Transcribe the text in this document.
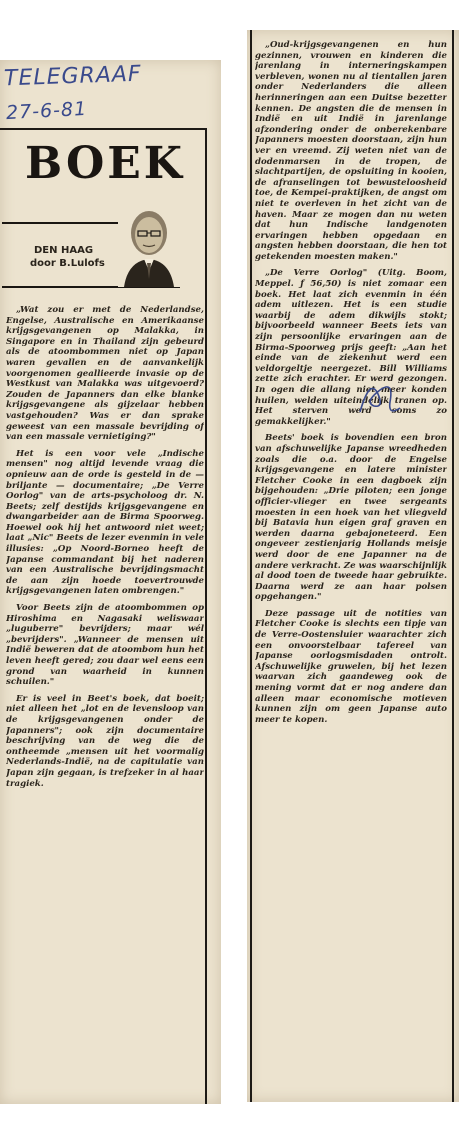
TELEGRAAF
27-6-81
BOEK
DEN HAAG
door B.Lulofs

„Wat zou er met de Nederlandse, Engelse, Australische en Amerikaanse krijgsgevangenen op Malakka, in Singapore en in Thailand zijn gebeurd als de atoombommen niet op Japan waren gevallen en de aanvankelijk voorgenomen geallieerde invasie op de Westkust van Malakka was uitgevoerd? Zouden de Japanners dan elke blanke krijgsgevangene als gijzelaar hebben vastgehouden? Was er dan sprake geweest van een massale bevrijding of van een massale vernietiging?"

Het is een voor vele „Indische mensen" nog altijd levende vraag die opnieuw aan de orde is gesteld in de — briljante — documentaire; „De Verre Oorlog" van de arts-psycholoog dr. N. Beets; zelf destijds krijgsgevangene en dwangarbeider aan de Birma Spoorweg. Hoewel ook hij het antwoord niet weet; laat „Nic" Beets de lezer evenmin in vele illusies: „Op Noord-Borneo heeft de Japanse commandant bij het naderen van een Australische bevrijdingsmacht de aan zijn hoede toevertrouwde krijgsgevangenen laten ombrengen."

Voor Beets zijn de atoombommen op Hiroshima en Nagasaki weliswaar „luguberre" bevrijders; maar wél „bevrijders". „Wanneer de mensen uit Indië beweren dat de atoombom hun het leven heeft gered; zou daar wel eens een grond van waarheid in kunnen schuilen."

Er is veel in Beet's boek, dat boeit; niet alleen het „lot en de levensloop van de krijgsgevangenen onder de Japanners"; ook zijn documentaire beschrijving van de weg die de ontheemde „mensen uit het voormalig Nederlands-Indië, na de capitulatie van Japan zijn gegaan, is trefzeker in al haar tragiek.

„Oud-krijgsgevangenen en hun gezinnen, vrouwen en kinderen die jarenlang in interneringskampen verbleven, wonen nu al tientallen jaren onder Nederlanders die alleen herinneringen aan een Duitse bezetter kennen. De angsten die de mensen in Indië en uit Indië in jarenlange afzondering onder de onberekenbare Japanners moesten doorstaan, zijn hun ver en vreemd. Zij weten niet van de dodenmarsen in de tropen, de slachtpartijen, de opsluiting in kooien, de afranselingen tot bewusteloosheid toe, de Kempei-praktijken, de angst om niet te overleven in het zicht van de haven. Maar ze mogen dan nu weten dat hun Indische landgenoten ervaringen hebben opgedaan en angsten hebben doorstaan, die hen tot getekenden moesten maken."

„De Verre Oorlog" (Uitg. Boom, Meppel. ƒ 56,50) is niet zomaar een boek. Het laat zich evenmin in één adem uitlezen. Het is een studie waarbij de adem dikwijls stokt; bijvoorbeeld wanneer Beets iets van zijn persoonlijke ervaringen aan de Birma-Spoorweg prijs geeft: „Aan het einde van de ziekenhut werd een veldorgeltje neergezet. Bill Williams zette zich erachter. Er werd gezongen. In ogen die allang niet meer konden huilen, welden uiteindelijk tranen op. Het sterven werd soms zo gemakkelijker."

Beets' boek is bovendien een bron van afschuwelijke Japanse wreedheden zoals die o.a. door de Engelse krijgsgevangene en latere minister Fletcher Cooke in een dagboek zijn bijgehouden: „Drie piloten; een jonge officier-vlieger en twee sergeants moesten in een hoek van het vliegveld bij Batavia hun eigen graf graven en werden daarna gebajoneteerd. Een ongeveer zestienjarig Hollands meisje werd door de ene Japanner na de andere verkracht. Ze was waarschijnlijk al dood toen de tweede haar gebruikte. Daarna werd ze aan haar polsen opgehangen."

Deze passage uit de notities van Fletcher Cooke is slechts een tipje van de Verre-Oostensluier waarachter zich een onvoorstelbaar tafereel van Japanse oorlogsmisdaden ontrolt. Afschuwelijke gruwelen, bij het lezen waarvan zich gaandeweg ook de mening vormt dat er nog andere dan alleen maar economische motieven kunnen zijn om geen Japanse auto meer te kopen.
